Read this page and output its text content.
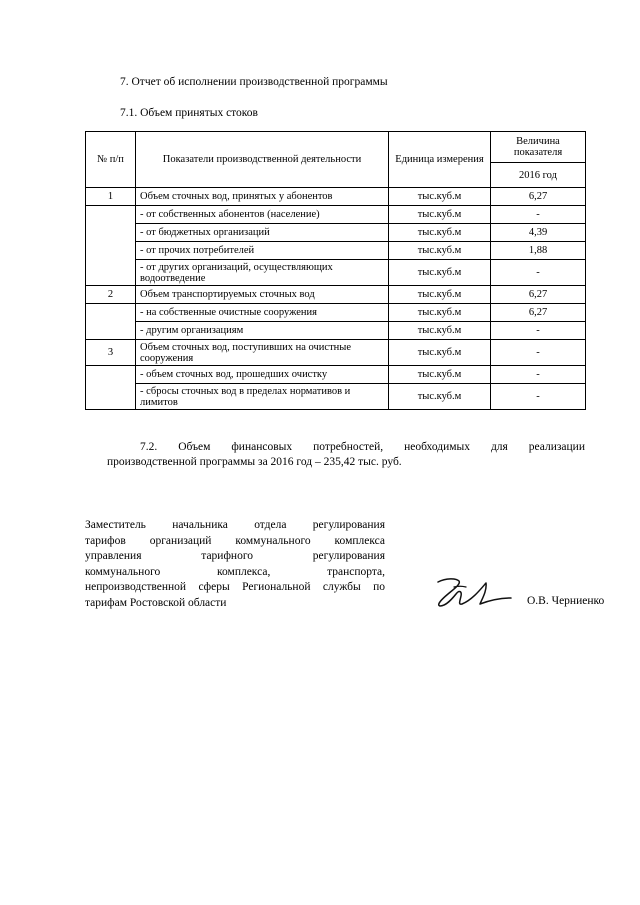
7. Отчет об исполнении производственной программы
7.1. Объем принятых стоков
№ п/п	Показатели производственной деятельности	Единица измерения	Величина показателя
			2016 год
1	Объем сточных вод, принятых у абонентов	тыс.куб.м	6,27
	- от собственных абонентов (население)	тыс.куб.м	-
	- от бюджетных организаций	тыс.куб.м	4,39
	- от прочих потребителей	тыс.куб.м	1,88
	- от других организаций, осуществляющих водоотведение	тыс.куб.м	-
2	Объем транспортируемых сточных вод	тыс.куб.м	6,27
	- на собственные очистные сооружения	тыс.куб.м	6,27
	- другим организациям	тыс.куб.м	-
3	Объем сточных вод, поступивших на очистные сооружения	тыс.куб.м	-
	- объем сточных вод, прошедших очистку	тыс.куб.м	-
	- сбросы сточных вод в пределах нормативов и лимитов	тыс.куб.м	-
7.2. Объем финансовых потребностей, необходимых для реализации
производственной программы за 2016 год – 235,42 тыс. руб.
Заместитель начальника отдела регулирования
тарифов организаций коммунального комплекса
управления тарифного регулирования
коммунального комплекса, транспорта,
непроизводственной сферы Региональной службы по
тарифам Ростовской области	О.В. Черниенко
